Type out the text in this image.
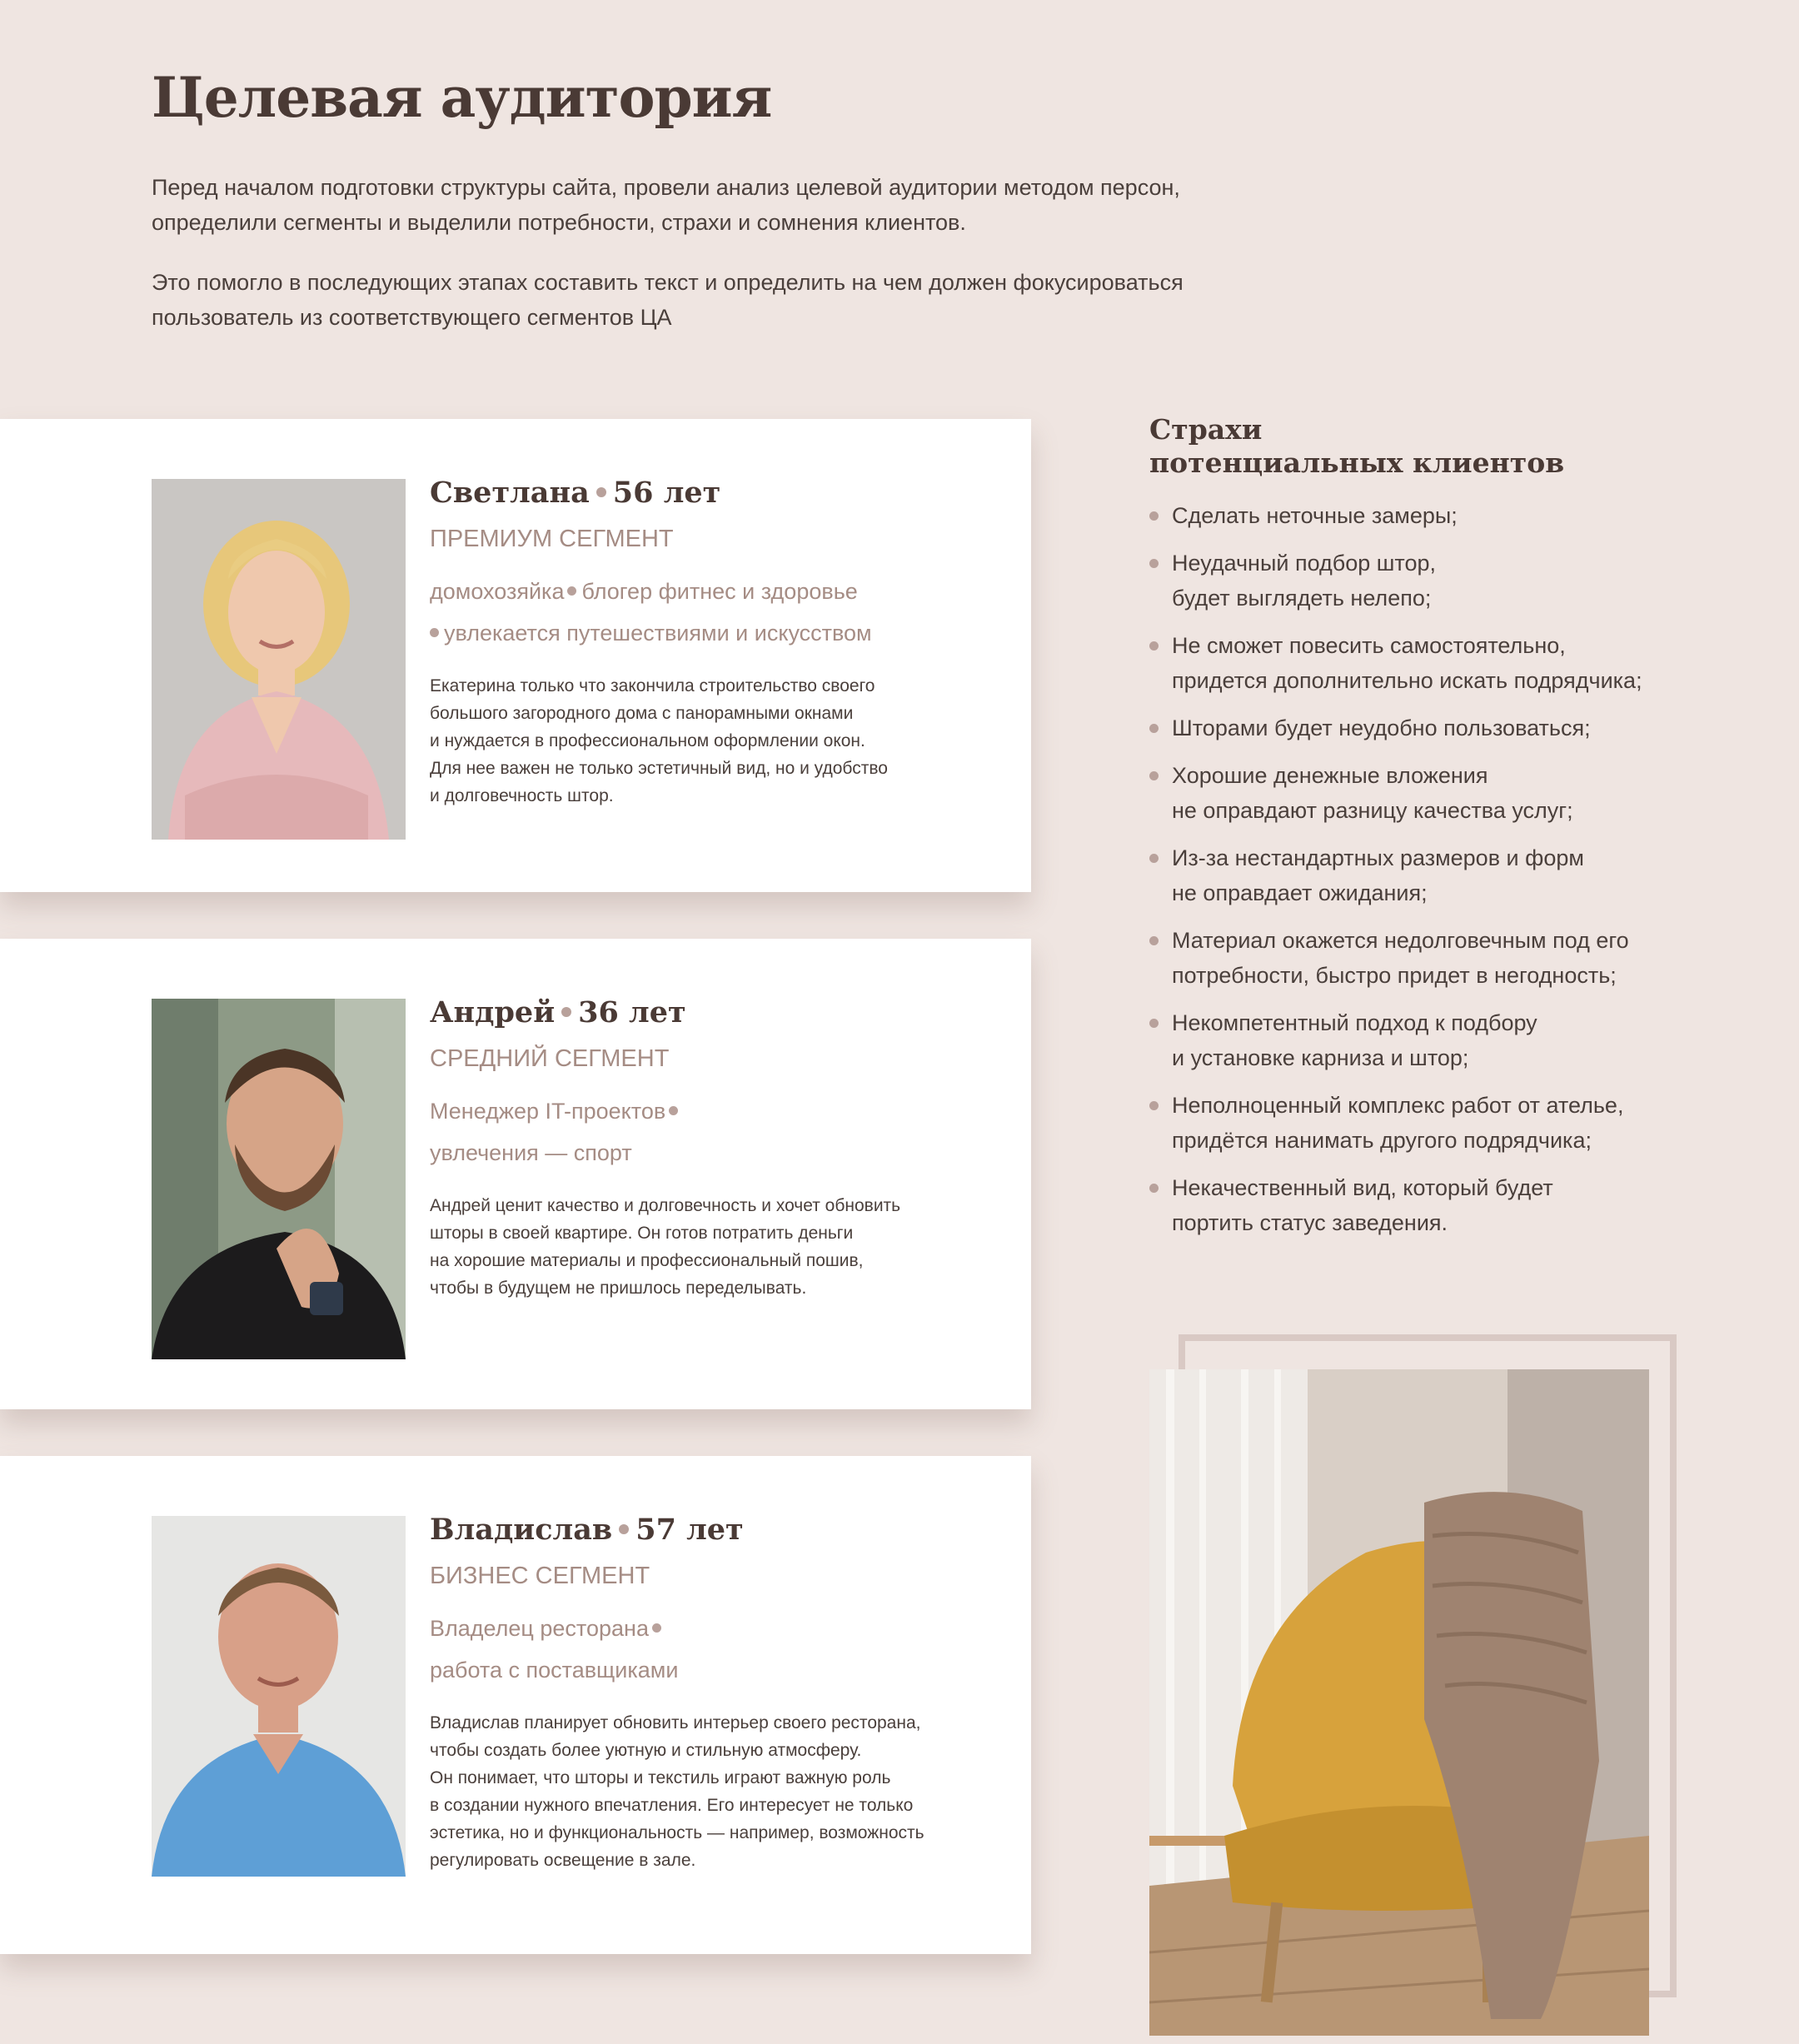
Целевая аудитория

Перед началом подготовки структуры сайта, провели анализ целевой аудитории методом персон, определили сегменты и выделили потребности, страхи и сомнения клиентов.

Это помогло в последующих этапах составить текст и определить на чем должен фокусироваться пользователь из соответствующего сегментов ЦА

Светлана 56 лет

ПРЕМИУМ СЕГМЕНТ

домохозяйка блогер фитнес и здоровье
увлекается путешествиями и искусством

Екатерина только что закончила строительство своего
большого загородного дома с панорамными окнами
и нуждается в профессиональном оформлении окон.
Для нее важен не только эстетичный вид, но и удобство
и долговечность штор.

Андрей 36 лет

СРЕДНИЙ СЕГМЕНТ

Менеджер IT-проектов
увлечения — спорт

Андрей ценит качество и долговечность и хочет обновить
шторы в своей квартире. Он готов потратить деньги
на хорошие материалы и профессиональный пошив,
чтобы в будущем не пришлось переделывать.

Владислав 57 лет

БИЗНЕС СЕГМЕНТ

Владелец ресторана
работа с поставщиками

Владислав планирует обновить интерьер своего ресторана,
чтобы создать более уютную и стильную атмосферу.
Он понимает, что шторы и текстиль играют важную роль
в создании нужного впечатления. Его интересует не только
эстетика, но и функциональность — например, возможность
регулировать освещение в зале.

Страхи
потенциальных клиентов
Сделать неточные замеры;
Неудачный подбор штор,
будет выглядеть нелепо;
Не сможет повесить самостоятельно,
придется дополнительно искать подрядчика;
Шторами будет неудобно пользоваться;
Хорошие денежные вложения
не оправдают разницу качества услуг;
Из-за нестандартных размеров и форм
не оправдает ожидания;
Материал окажется недолговечным под его
потребности, быстро придет в негодность;
Некомпетентный подход к подбору
и установке карниза и штор;
Неполноценный комплекс работ от ателье,
придётся нанимать другого подрядчика;
Некачественный вид, который будет
портить статус заведения.
